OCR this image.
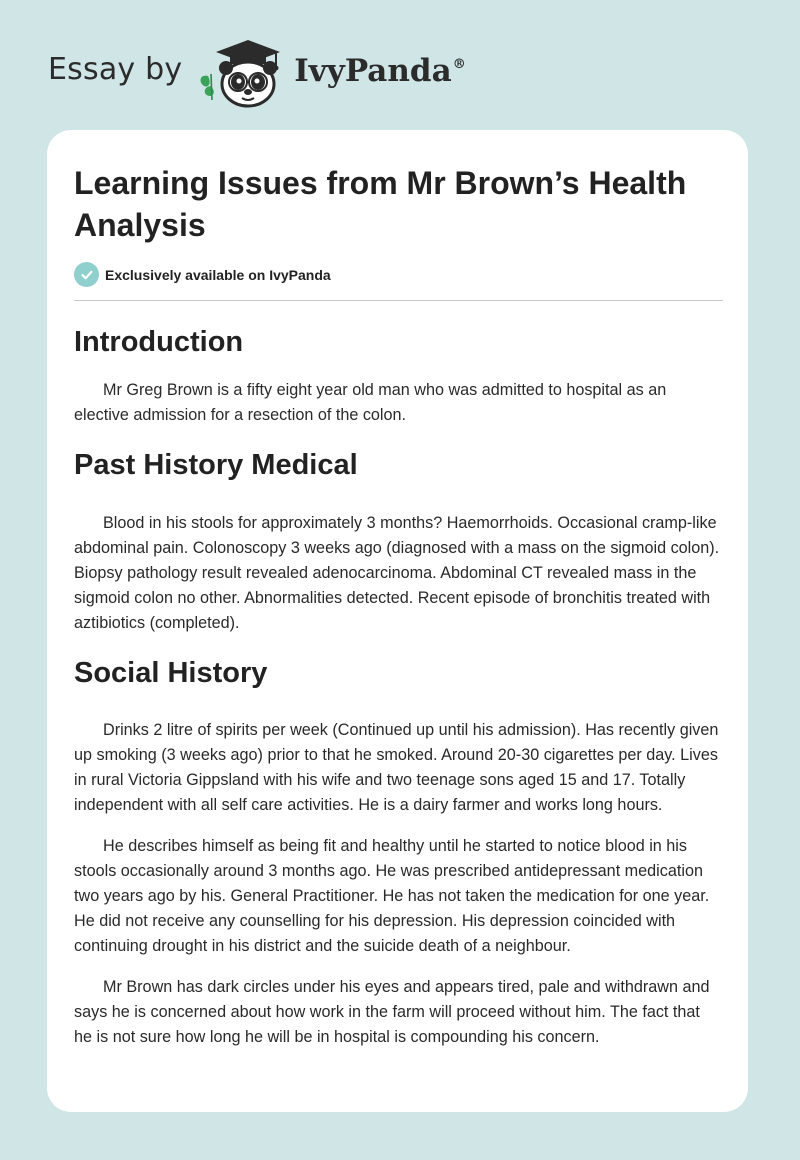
Essay by	IvyPanda®
Learning Issues from Mr Brown’s Health Analysis
Exclusively available on IvyPanda
Introduction

Mr Greg Brown is a fifty eight year old man who was admitted to hospital as an elective admission for a resection of the colon.

Past History Medical

Blood in his stools for approximately 3 months? Haemorrhoids. Occasional cramp-like abdominal pain. Colonoscopy 3 weeks ago (diagnosed with a mass on the sigmoid colon). Biopsy pathology result revealed adenocarcinoma. Abdominal CT revealed mass in the sigmoid colon no other. Abnormalities detected. Recent episode of bronchitis treated with aztibiotics (completed).

Social History

Drinks 2 litre of spirits per week (Continued up until his admission). Has recently given up smoking (3 weeks ago) prior to that he smoked. Around 20-30 cigarettes per day. Lives in rural Victoria Gippsland with his wife and two teenage sons aged 15 and 17. Totally independent with all self care activities. He is a dairy farmer and works long hours.

He describes himself as being fit and healthy until he started to notice blood in his stools occasionally around 3 months ago. He was prescribed antidepressant medication two years ago by his. General Practitioner. He has not taken the medication for one year. He did not receive any counselling for his depression. His depression coincided with continuing drought in his district and the suicide death of a neighbour.

Mr Brown has dark circles under his eyes and appears tired, pale and withdrawn and says he is concerned about how work in the farm will proceed without him. The fact that he is not sure how long he will be in hospital is compounding his concern.
